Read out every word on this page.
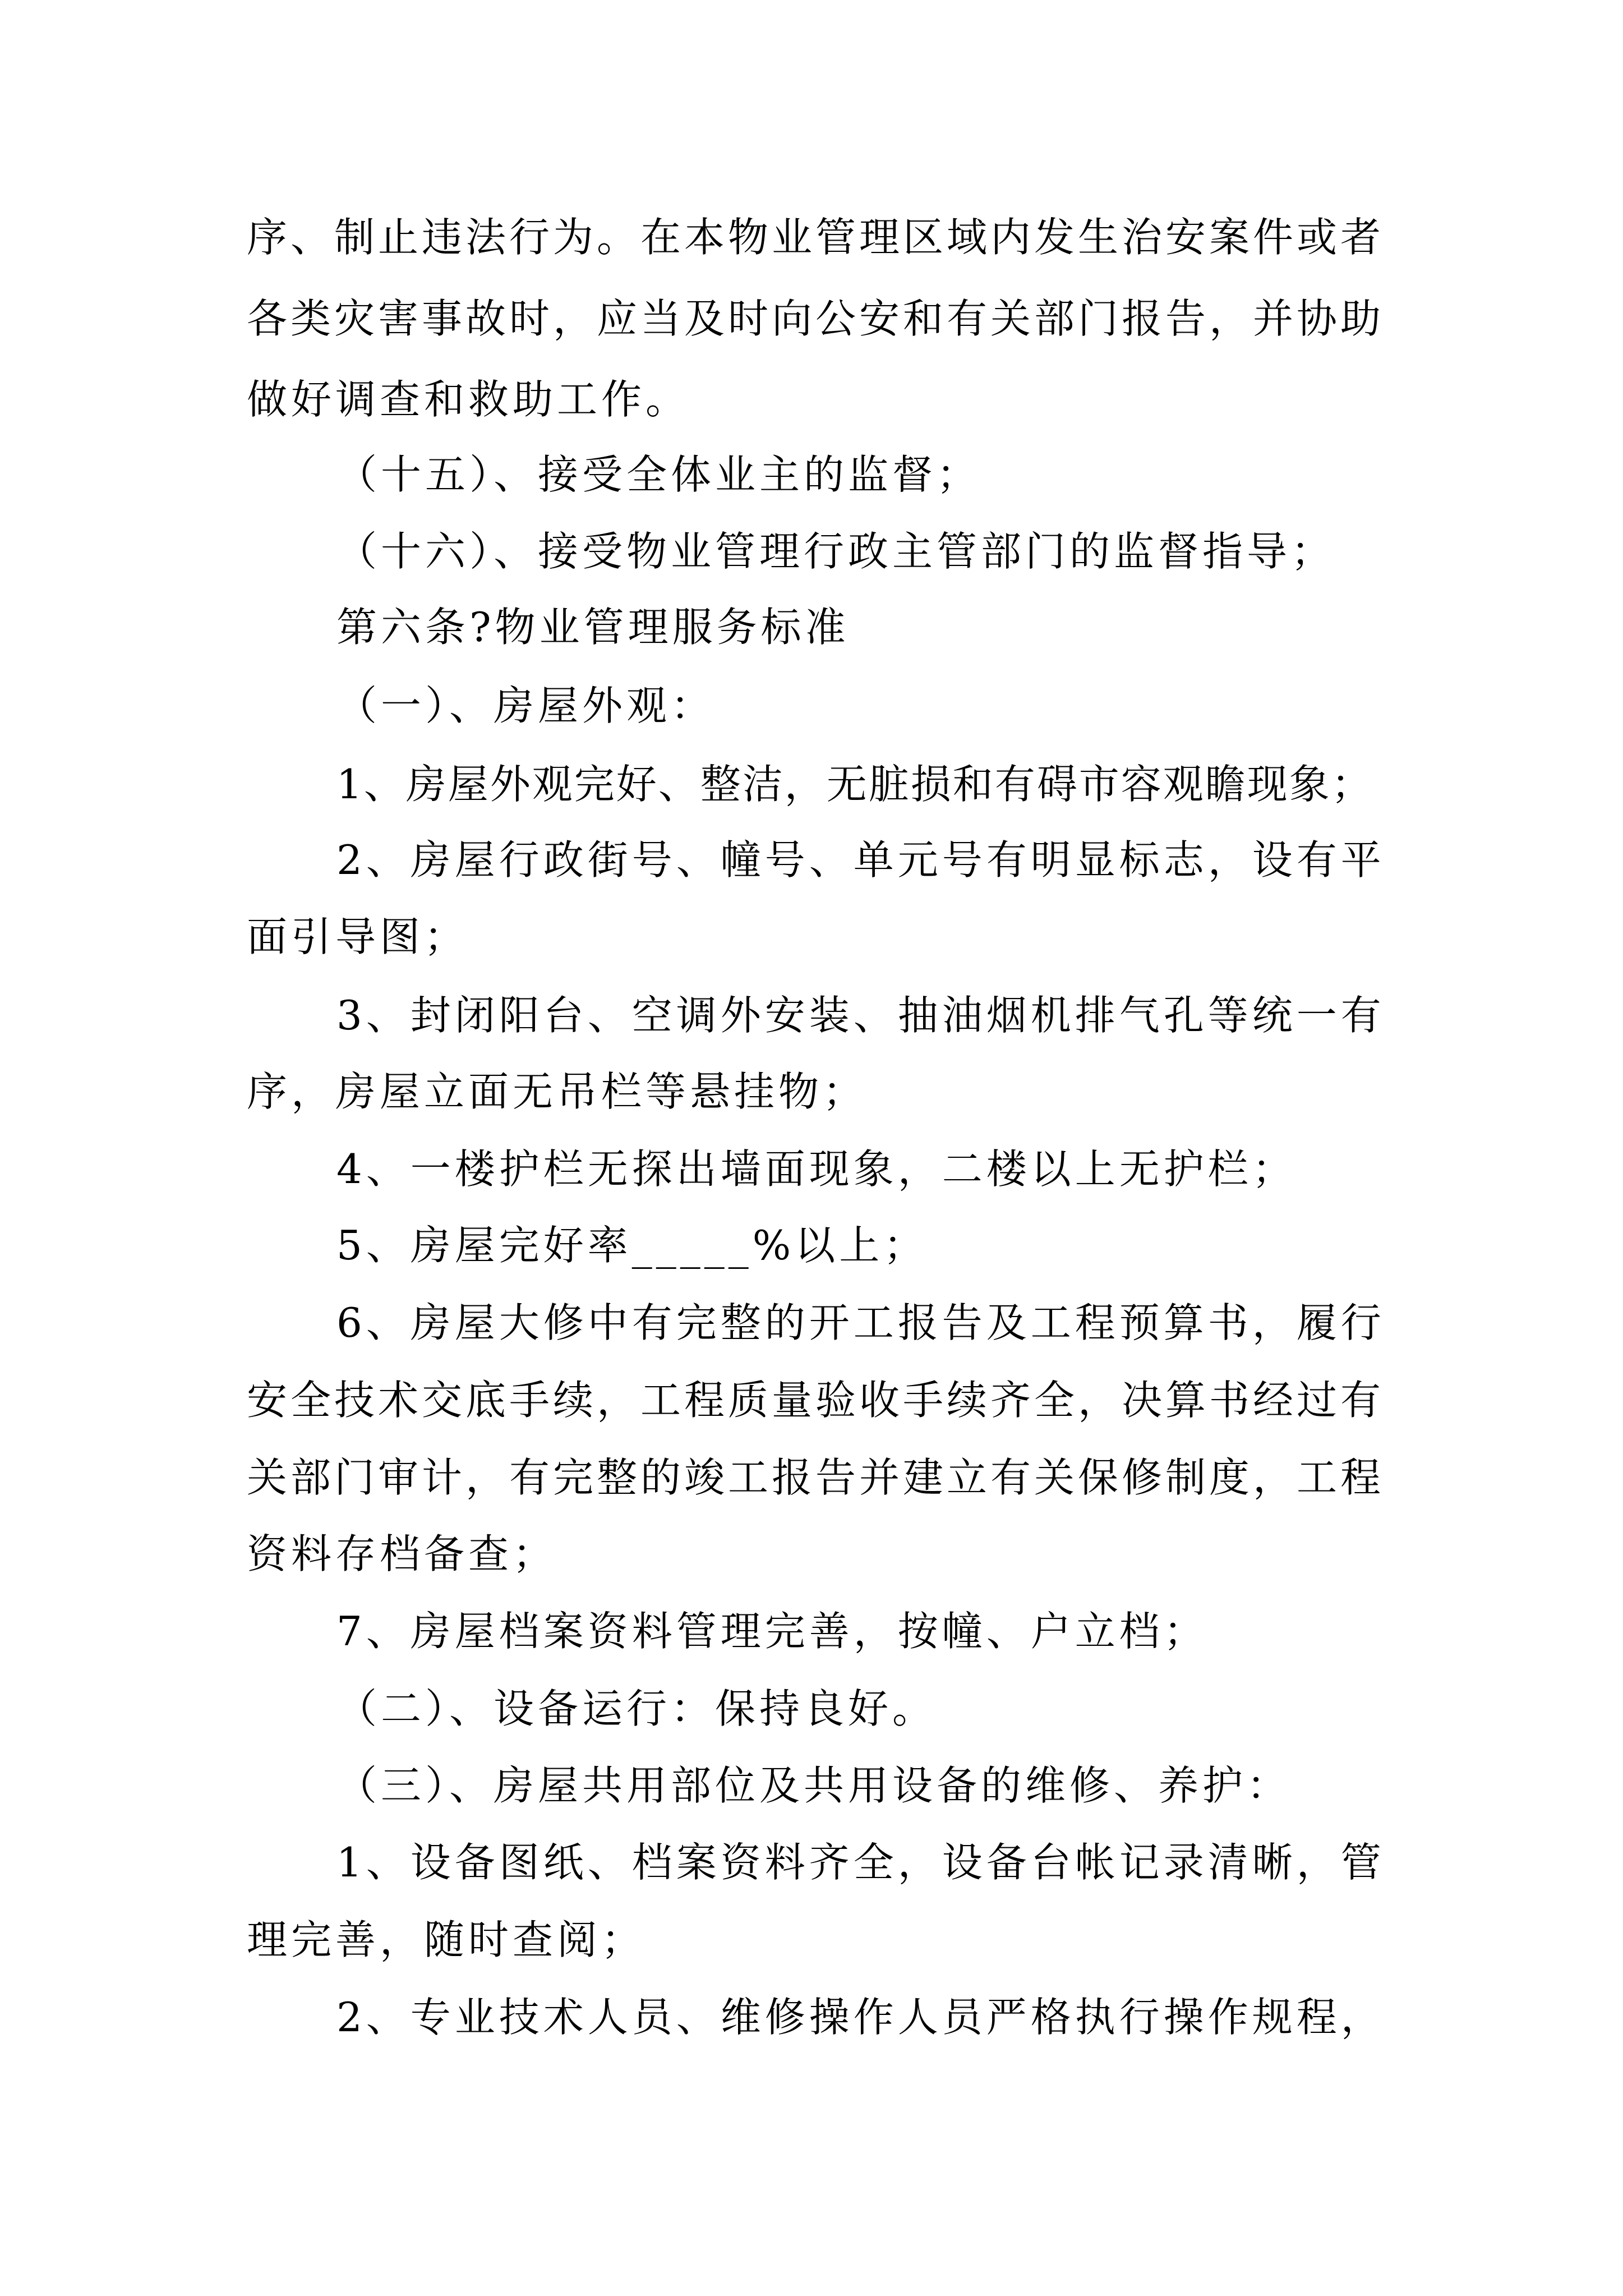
序、制止违法行为。在本物业管理区域内发生治安案件或者
各类灾害事故时，应当及时向公安和有关部门报告，并协助
做好调查和救助工作。
（十五）、接受全体业主的监督；
（十六）、接受物业管理行政主管部门的监督指导；
第六条?物业管理服务标准
（一）、房屋外观：
1、房屋外观完好、整洁，无脏损和有碍市容观瞻现象；
2、房屋行政街号、幢号、单元号有明显标志，设有平
面引导图；
3、封闭阳台、空调外安装、抽油烟机排气孔等统一有
序，房屋立面无吊栏等悬挂物；
4、一楼护栏无探出墙面现象，二楼以上无护栏；
5、房屋完好率_____%以上；
6、房屋大修中有完整的开工报告及工程预算书，履行
安全技术交底手续，工程质量验收手续齐全，决算书经过有
关部门审计，有完整的竣工报告并建立有关保修制度，工程
资料存档备查；
7、房屋档案资料管理完善，按幢、户立档；
（二）、设备运行：保持良好。
（三）、房屋共用部位及共用设备的维修、养护：
1、设备图纸、档案资料齐全，设备台帐记录清晰，管
理完善，随时查阅；
2、专业技术人员、维修操作人员严格执行操作规程，
